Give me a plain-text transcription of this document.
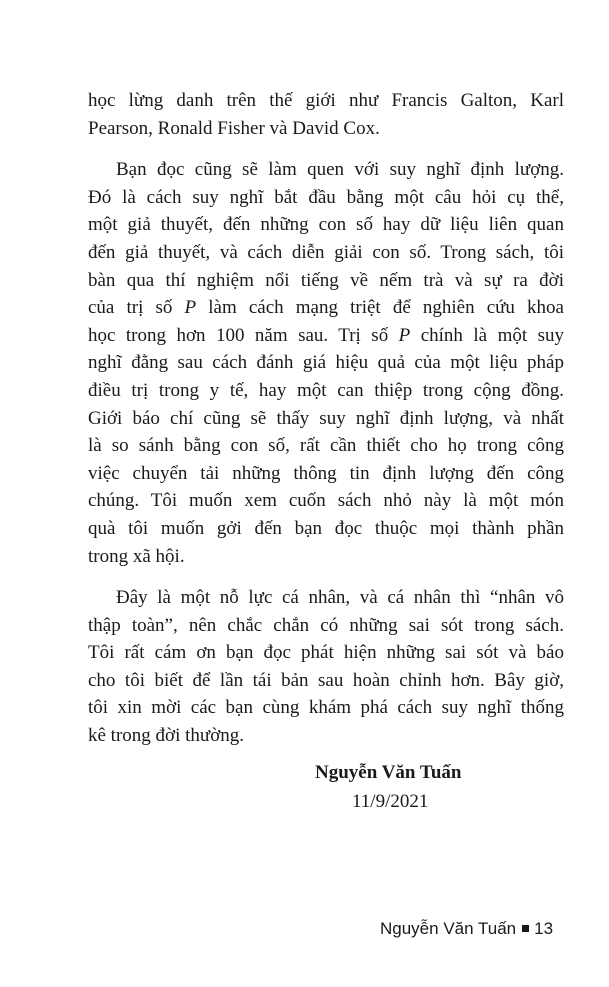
học lừng danh trên thế giới như Francis Galton, Karl
Pearson, Ronald Fisher và David Cox.

Bạn đọc cũng sẽ làm quen với suy nghĩ định lượng.
Đó là cách suy nghĩ bắt đầu bằng một câu hỏi cụ thể,
một giả thuyết, đến những con số hay dữ liệu liên quan
đến giả thuyết, và cách diễn giải con số. Trong sách, tôi
bàn qua thí nghiệm nổi tiếng về nếm trà và sự ra đời
của trị số P làm cách mạng triệt để nghiên cứu khoa
học trong hơn 100 năm sau. Trị số P chính là một suy
nghĩ đằng sau cách đánh giá hiệu quả của một liệu pháp
điều trị trong y tế, hay một can thiệp trong cộng đồng.
Giới báo chí cũng sẽ thấy suy nghĩ định lượng, và nhất
là so sánh bằng con số, rất cần thiết cho họ trong công
việc chuyển tải những thông tin định lượng đến công
chúng. Tôi muốn xem cuốn sách nhỏ này là một món
quà tôi muốn gởi đến bạn đọc thuộc mọi thành phần
trong xã hội.

Đây là một nỗ lực cá nhân, và cá nhân thì “nhân vô
thập toàn”, nên chắc chắn có những sai sót trong sách.
Tôi rất cám ơn bạn đọc phát hiện những sai sót và báo
cho tôi biết để lần tái bản sau hoàn chỉnh hơn. Bây giờ,
tôi xin mời các bạn cùng khám phá cách suy nghĩ thống
kê trong đời thường.

Nguyễn Văn Tuấn
11/9/2021
Nguyễn Văn Tuấn 13
